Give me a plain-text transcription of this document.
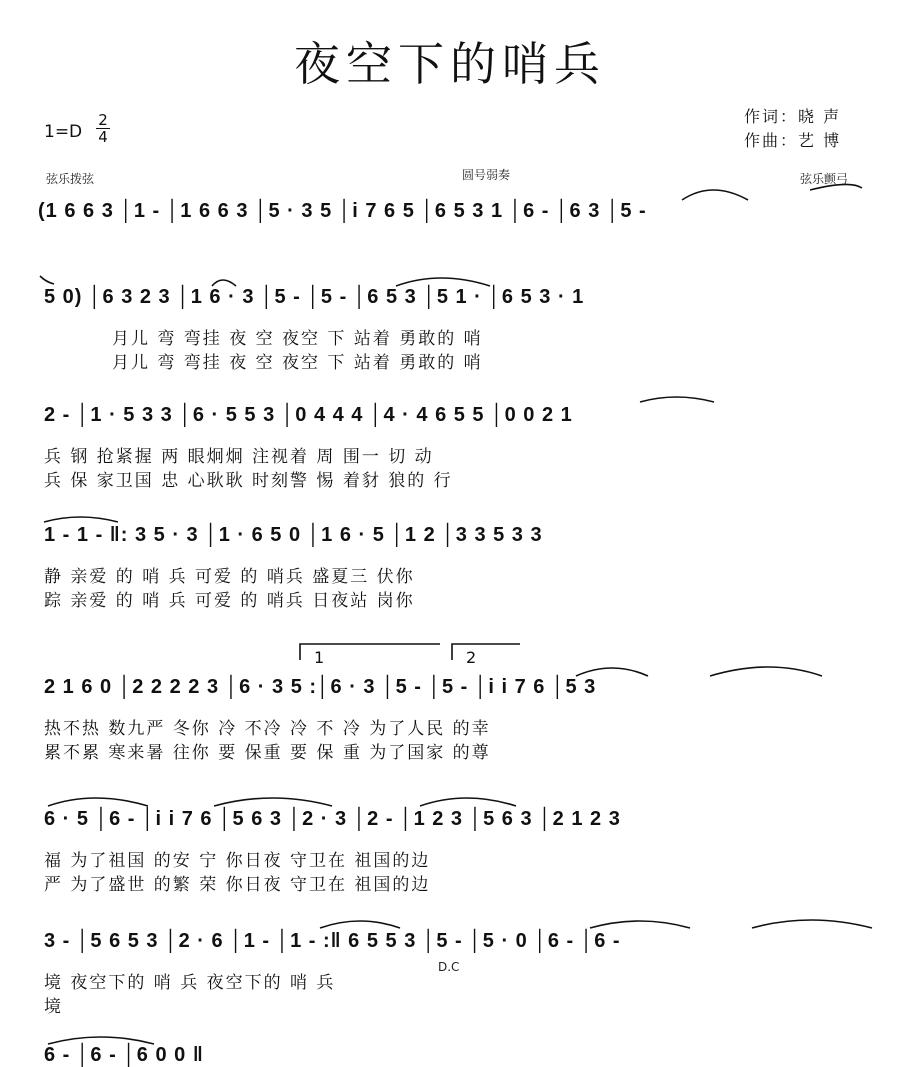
夜空下的哨兵
$1=D \frac{2}{4}$	作词：晓 声
作曲：艺 博
弦乐拨弦	圆号弱奏	弦乐颤弓
(1 6 6 3 │1 - │1 6 6 3 │5 · 3 5 │i 7 6 5 │6 5 3 1 │6 - │6 3 │5 -
5 0) │6 3 2 3 │1 6 · 3 │5 - │5 - │6 5 3 │5 1 · │6 5 3 · 1
月儿 弯 弯挂 夜 空 夜空 下 站着 勇敢的 哨
月儿 弯 弯挂 夜 空 夜空 下 站着 勇敢的 哨
2 - │1 · 5 3 3 │6 · 5 5 3 │0 4 4 4 │4 · 4 6 5 5 │0 0 2 1
兵 钢 抢紧握 两 眼炯炯 注视着 周 围一 切 动
兵 保 家卫国 忠 心耿耿 时刻警 惕 着豺 狼的 行
1 - 1 - ‖: 3 5 · 3 │1 · 6 5 0 │1 6 · 5 │1 2 │3 3 5 3 3
静 亲爱 的 哨 兵 可爱 的 哨兵 盛夏三 伏你
踪 亲爱 的 哨 兵 可爱 的 哨兵 日夜站 岗你
1	2
2 1 6 0 │2 2 2 2 3 │6 · 3 5 :│6 · 3 │5 - │5 - │i i 7 6 │5 3
热不热 数九严 冬你 冷 不冷 冷 不 冷 为了人民 的幸
累不累 寒来暑 往你 要 保重 要 保 重 为了国家 的尊
6 · 5 │6 - │i i 7 6 │5 6 3 │2 · 3 │2 - │1 2 3 │5 6 3 │2 1 2 3
福 为了祖国 的安 宁 你日夜 守卫在 祖国的边
严 为了盛世 的繁 荣 你日夜 守卫在 祖国的边
3 - │5 6 5 3 │2 · 6 │1 - │1 - :‖ 6 5 5 3 │5 - │5 · 0 │6 - │6 -
境 夜空下的 哨 兵 夜空下的 哨 兵
境
D.C
6 - │6 - │6 0 0 ‖
